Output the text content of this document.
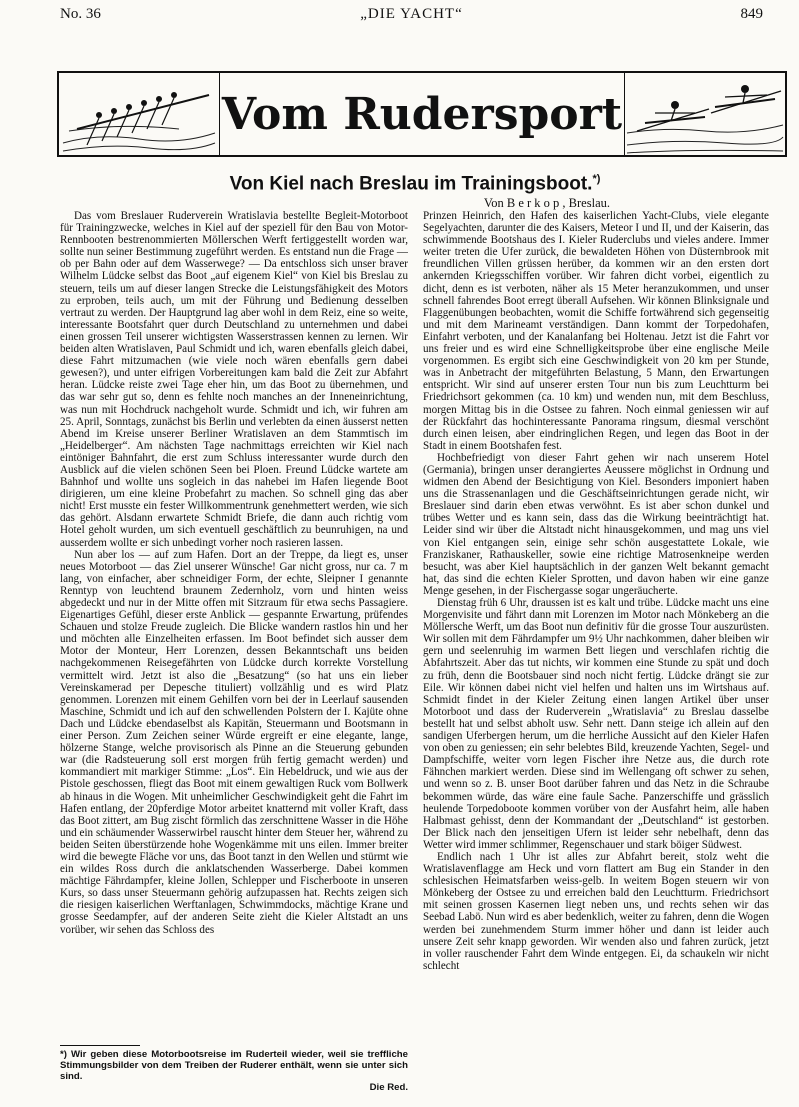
No. 36	„DIE YACHT“	849
Vom Rudersport
Von Kiel nach Breslau im Trainingsboot.*)
Von B e r k o p , Breslau.

Das vom Breslauer Ruderverein Wratislavia bestellte Begleit-Motorboot für Trainingzwecke, welches in Kiel auf der speziell für den Bau von Motor-Rennbooten bestrenommierten Möllerschen Werft fertiggestellt worden war, sollte nun seiner Bestimmung zugeführt werden. Es entstand nun die Frage — ob per Bahn oder auf dem Wasserwege? — Da entschloss sich unser braver Wilhelm Lüdcke selbst das Boot „auf eigenem Kiel“ von Kiel bis Breslau zu steuern, teils um auf dieser langen Strecke die Leistungsfähigkeit des Motors zu erproben, teils auch, um mit der Führung und Bedienung desselben vertraut zu werden. Der Hauptgrund lag aber wohl in dem Reiz, eine so weite, interessante Bootsfahrt quer durch Deutschland zu unternehmen und dabei einen grossen Teil unserer wichtigsten Wasserstrassen kennen zu lernen. Wir beiden alten Wratislaven, Paul Schmidt und ich, waren ebenfalls gleich dabei, diese Fahrt mitzumachen (wie viele noch wären ebenfalls gern dabei gewesen?), und unter eifrigen Vorbereitungen kam bald die Zeit zur Abfahrt heran. Lüdcke reiste zwei Tage eher hin, um das Boot zu übernehmen, und das war sehr gut so, denn es fehlte noch manches an der Inneneinrichtung, was nun mit Hochdruck nachgeholt wurde. Schmidt und ich, wir fuhren am 25. April, Sonntags, zunächst bis Berlin und verlebten da einen äusserst netten Abend im Kreise unserer Berliner Wratislaven an dem Stammtisch im „Heidelberger“. Am nächsten Tage nachmittags erreichten wir Kiel nach eintöniger Bahnfahrt, die erst zum Schluss interessanter wurde durch den Ausblick auf die vielen schönen Seen bei Ploen. Freund Lüdcke wartete am Bahnhof und wollte uns sogleich in das nahebei im Hafen liegende Boot dirigieren, um eine kleine Probefahrt zu machen. So schnell ging das aber nicht! Erst musste ein fester Willkommentrunk genehmettert werden, wie sich das gehört. Alsdann erwartete Schmidt Briefe, die dann auch richtig vom Hotel geholt wurden, um sich eventuell geschäftlich zu beunruhigen, na und ausserdem wollte er sich unbedingt vorher noch rasieren lassen.

Nun aber los — auf zum Hafen. Dort an der Treppe, da liegt es, unser neues Motorboot — das Ziel unserer Wünsche! Gar nicht gross, nur ca. 7 m lang, von einfacher, aber schneidiger Form, der echte, Sleipner I genannte Renntyp von leuchtend braunem Zedernholz, vorn und hinten weiss abgedeckt und nur in der Mitte offen mit Sitzraum für etwa sechs Passagiere. Eigenartiges Gefühl, dieser erste Anblick — gespannte Erwartung, prüfendes Schauen und stolze Freude zugleich. Die Blicke wandern rastlos hin und her und möchten alle Einzelheiten erfassen. Im Boot befindet sich ausser dem Motor der Monteur, Herr Lorenzen, dessen Bekanntschaft uns beiden nachgekommenen Reisegefährten von Lüdcke durch korrekte Vorstellung vermittelt wird. Jetzt ist also die „Besatzung“ (so hat uns ein lieber Vereinskamerad per Depesche tituliert) vollzählig und es wird Platz genommen. Lorenzen mit einem Gehilfen vorn bei der in Leerlauf sausenden Maschine, Schmidt und ich auf den schwellenden Polstern der I. Kajüte ohne Dach und Lüdcke ebendaselbst als Kapitän, Steuermann und Bootsmann in einer Person. Zum Zeichen seiner Würde ergreift er eine elegante, lange, hölzerne Stange, welche provisorisch als Pinne an die Steuerung gebunden war (die Radsteuerung soll erst morgen früh fertig gemacht werden) und kommandiert mit markiger Stimme: „Los“. Ein Hebeldruck, und wie aus der Pistole geschossen, fliegt das Boot mit einem gewaltigen Ruck vom Bollwerk ab hinaus in die Wogen. Mit unheimlicher Geschwindigkeit geht die Fahrt im Hafen entlang, der 20pferdige Motor arbeitet knatternd mit voller Kraft, dass das Boot zittert, am Bug zischt förmlich das zerschnittene Wasser in die Höhe und ein schäumender Wasserwirbel rauscht hinter dem Steuer her, während zu beiden Seiten überstürzende hohe Wogenkämme mit uns eilen. Immer breiter wird die bewegte Fläche vor uns, das Boot tanzt in den Wellen und stürmt wie ein wildes Ross durch die anklatschenden Wasserberge. Dabei kommen mächtige Fährdampfer, kleine Jollen, Schlepper und Fischerboote in unseren Kurs, so dass unser Steuermann gehörig aufzupassen hat. Rechts zeigen sich die riesigen kaiserlichen Werftanlagen, Schwimmdocks, mächtige Krane und grosse Seedampfer, auf der anderen Seite zieht die Kieler Altstadt an uns vorüber, wir sehen das Schloss des

Prinzen Heinrich, den Hafen des kaiserlichen Yacht-Clubs, viele elegante Segelyachten, darunter die des Kaisers, Meteor I und II, und der Kaiserin, das schwimmende Bootshaus des I. Kieler Ruderclubs und vieles andere. Immer weiter treten die Ufer zurück, die bewaldeten Höhen von Düsternbrook mit freundlichen Villen grüssen herüber, da kommen wir an den ersten dort ankernden Kriegsschiffen vorüber. Wir fahren dicht vorbei, eigentlich zu dicht, denn es ist verboten, näher als 15 Meter heranzukommen, und unser schnell fahrendes Boot erregt überall Aufsehen. Wir können Blinksignale und Flaggenübungen beobachten, womit die Schiffe fortwährend sich gegenseitig und mit dem Marineamt verständigen. Dann kommt der Torpedohafen, Einfahrt verboten, und der Kanalanfang bei Holtenau. Jetzt ist die Fahrt vor uns freier und es wird eine Schnelligkeitsprobe über eine englische Meile vorgenommen. Es ergibt sich eine Geschwindigkeit von 20 km per Stunde, was in Anbetracht der mitgeführten Belastung, 5 Mann, den Erwartungen entspricht. Wir sind auf unserer ersten Tour nun bis zum Leuchtturm bei Friedrichsort gekommen (ca. 10 km) und wenden nun, mit dem Beschluss, morgen Mittag bis in die Ostsee zu fahren. Noch einmal geniessen wir auf der Rückfahrt das hochinteressante Panorama ringsum, diesmal verschönt durch einen leisen, aber eindringlichen Regen, und legen das Boot in der Stadt in einem Bootshafen fest.

Hochbefriedigt von dieser Fahrt gehen wir nach unserem Hotel (Germania), bringen unser derangiertes Aeussere möglichst in Ordnung und widmen den Abend der Besichtigung von Kiel. Besonders imponiert haben uns die Strassenanlagen und die Geschäftseinrichtungen gerade nicht, wir Breslauer sind darin eben etwas verwöhnt. Es ist aber schon dunkel und trübes Wetter und es kann sein, dass das die Wirkung beeinträchtigt hat. Leider sind wir über die Altstadt nicht hinausgekommen, und mag uns viel von Kiel entgangen sein, einige sehr schön ausgestattete Lokale, wie Franziskaner, Rathauskeller, sowie eine richtige Matrosenkneipe werden besucht, was aber Kiel hauptsächlich in der ganzen Welt bekannt gemacht hat, das sind die echten Kieler Sprotten, und davon haben wir eine ganze Menge gesehen, in der Fischergasse sogar ungeräucherte.

Dienstag früh 6 Uhr, draussen ist es kalt und trübe. Lüdcke macht uns eine Morgenvisite und fährt dann mit Lorenzen im Motor nach Mönkeberg an die Möllersche Werft, um das Boot nun definitiv für die grosse Tour auszurüsten. Wir sollen mit dem Fährdampfer um 9½ Uhr nachkommen, daher bleiben wir gern und seelenruhig im warmen Bett liegen und verschlafen richtig die Abfahrtszeit. Aber das tut nichts, wir kommen eine Stunde zu spät und doch zu früh, denn die Bootsbauer sind noch nicht fertig. Lüdcke drängt sie zur Eile. Wir können dabei nicht viel helfen und halten uns im Wirtshaus auf. Schmidt findet in der Kieler Zeitung einen langen Artikel über unser Motorboot und dass der Ruderverein „Wratislavia“ zu Breslau dasselbe bestellt hat und selbst abholt usw. Sehr nett. Dann steige ich allein auf den sandigen Uferbergen herum, um die herrliche Aussicht auf den Kieler Hafen von oben zu geniessen; ein sehr belebtes Bild, kreuzende Yachten, Segel- und Dampfschiffe, weiter vorn legen Fischer ihre Netze aus, die durch rote Fähnchen markiert werden. Diese sind im Wellengang oft schwer zu sehen, und wenn so z. B. unser Boot darüber fahren und das Netz in die Schraube bekommen würde, das wäre eine faule Sache. Panzerschiffe und grässlich heulende Torpedoboote kommen vorüber von der Ausfahrt heim, alle haben Halbmast gehisst, denn der Kommandant der „Deutschland“ ist gestorben. Der Blick nach den jenseitigen Ufern ist leider sehr nebelhaft, denn das Wetter wird immer schlimmer, Regenschauer und stark böiger Südwest.

Endlich nach 1 Uhr ist alles zur Abfahrt bereit, stolz weht die Wratislavenflagge am Heck und vorn flattert am Bug ein Stander in den schlesischen Heimatsfarben weiss-gelb. In weitem Bogen steuern wir von Mönkeberg der Ostsee zu und erreichen bald den Leuchtturm. Friedrichsort mit seinen grossen Kasernen liegt neben uns, und rechts sehen wir das Seebad Labö. Nun wird es aber bedenklich, weiter zu fahren, denn die Wogen werden bei zunehmendem Sturm immer höher und dann ist leider auch unsere Zeit sehr knapp geworden. Wir wenden also und fahren zurück, jetzt in voller rauschender Fahrt dem Winde entgegen. Ei, da schaukeln wir nicht schlecht

*) Wir geben diese Motorbootsreise im Ruderteil wieder, weil sie treffliche Stimmungsbilder von dem Treiben der Ruderer enthält, wenn sie unter sich sind.
Die Red.
